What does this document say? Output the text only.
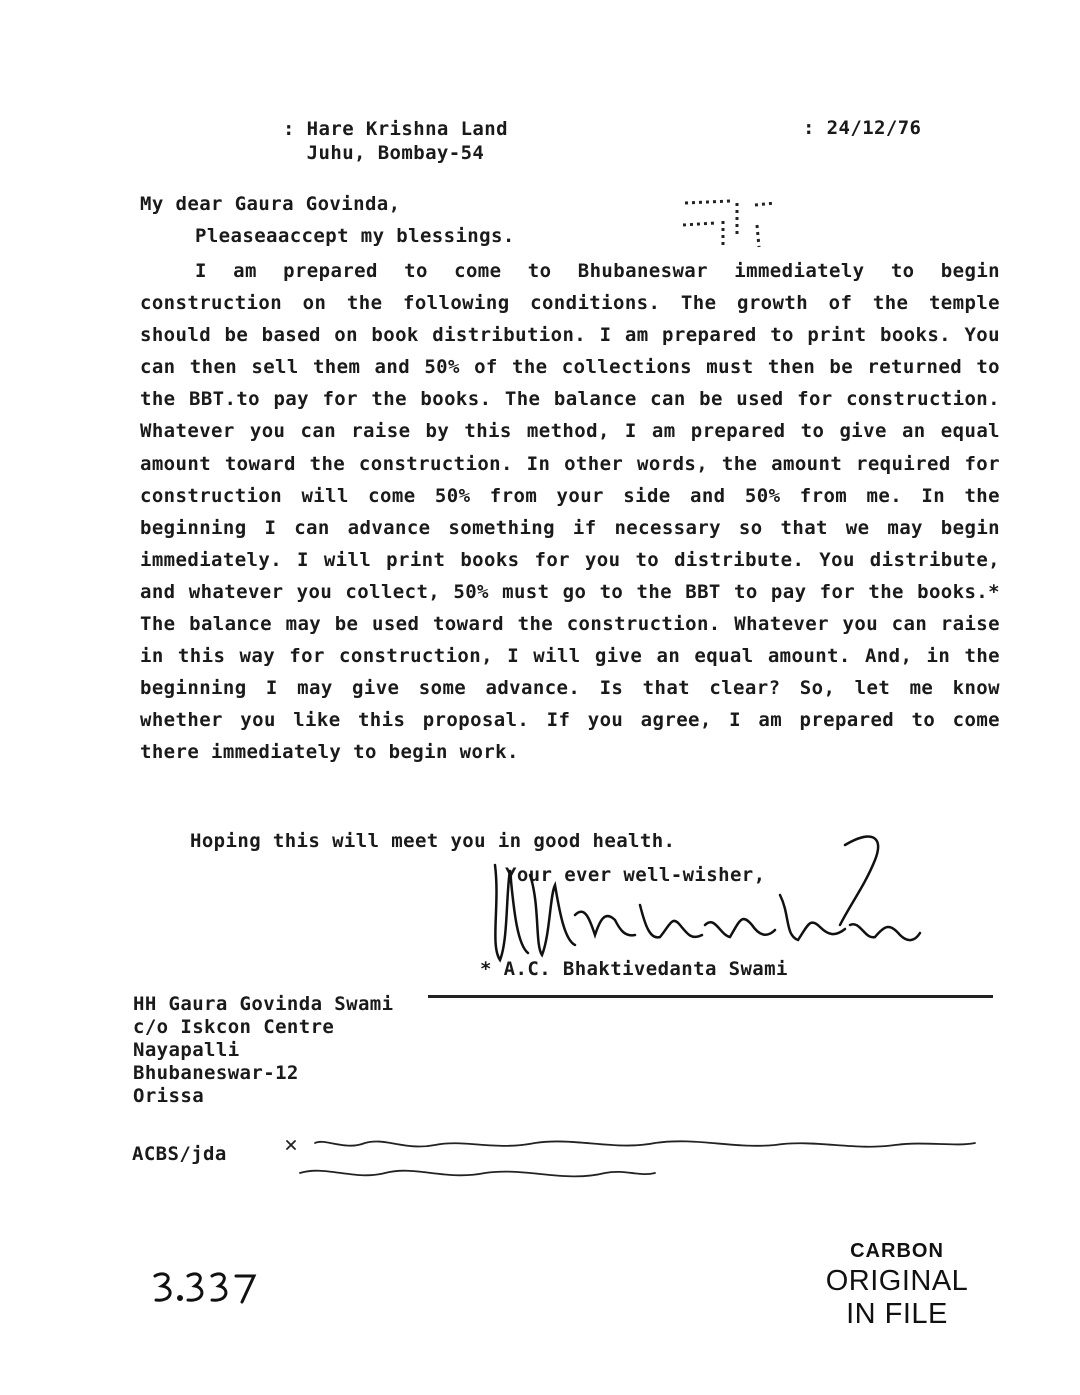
: Hare Krishna Land
Juhu, Bombay-54
: 24/12/76
My dear Gaura Govinda,
Pleaseaaccept my blessings.
I am prepared to come to Bhubaneswar immediately to begin construction on the following conditions. The growth of the temple should be based on book distribution. I am prepared to print books. You can then sell them and 50% of the collections must then be returned to the BBT.to pay for the books. The balance can be used for construction. Whatever you can raise by this method, I am prepared to give an equal amount toward the construction. In other words, the amount required for construction will come 50% from your side and 50% from me. In the beginning I can advance something if necessary so that we may begin immediately. I will print books for you to distribute. You distribute, and whatever you collect, 50% must go to the BBT to pay for the books.* The balance may be used toward the construction. Whatever you can raise in this way for construction, I will give an equal amount. And, in the beginning I may give some advance. Is that clear? So, let me know whether you like this proposal. If you agree, I am prepared to come there immediately to begin work.
Hoping this will meet you in good health.
Your ever well-wisher,
* A.C. Bhaktivedanta Swami
HH Gaura Govinda Swami
c/o Iskcon Centre
Nayapalli
Bhubaneswar-12
Orissa
ACBS/jda
CARBON
ORIGINAL
IN FILE
